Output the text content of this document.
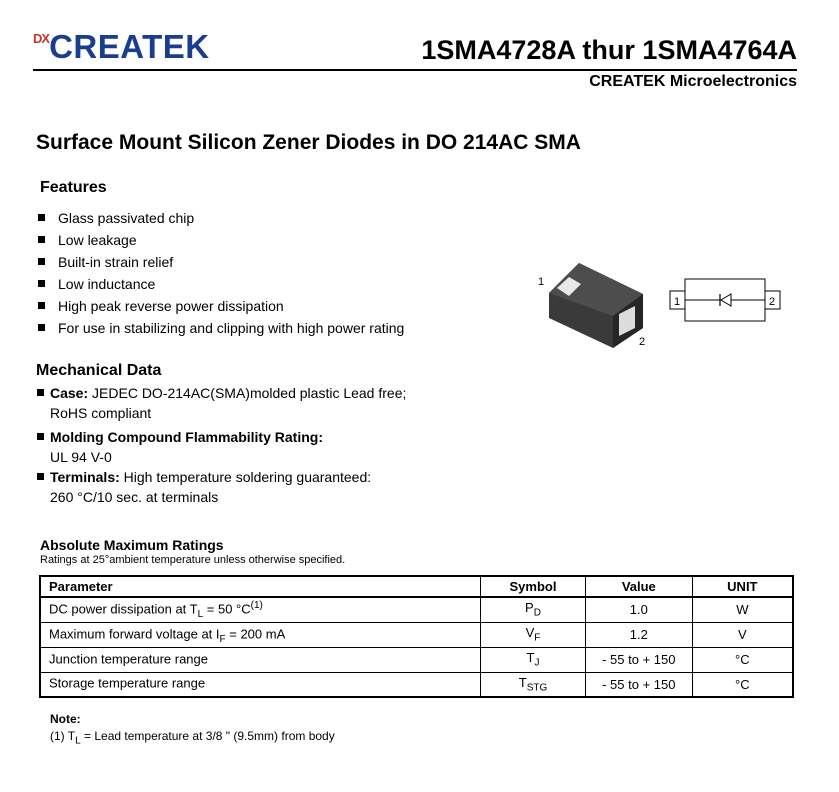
DX CREATEK	1SMA4728A thur 1SMA4764A
CREATEK Microelectronics
Surface Mount Silicon Zener Diodes in DO 214AC SMA
Features
Glass passivated chip
Low leakage
Built-in strain relief
Low inductance
High peak reverse power dissipation
For use in stabilizing and clipping with high power rating
1
2
1	2
Mechanical Data
Case: JEDEC DO-214AC(SMA)molded plastic Lead free; RoHS compliant
Molding Compound Flammability Rating:
UL 94 V-0
Terminals: High temperature soldering guaranteed:
260 °C/10 sec. at terminals
Absolute Maximum Ratings
Ratings at 25°ambient temperature unless otherwise specified.
Parameter	Symbol	Value	UNIT
DC power dissipation at $T_L = 50$ $^\circ C^{(1)}$	$P_D$	1.0	W
Maximum forward voltage at $I_F = 200$ mA	$V_F$	1.2	V
Junction temperature range	$T_J$	- 55 to + 150	°C
Storage temperature range	$T_{STG}$	- 55 to + 150	°C
Note:
(1) $T_L$ = Lead temperature at 3/8 " (9.5mm) from body
